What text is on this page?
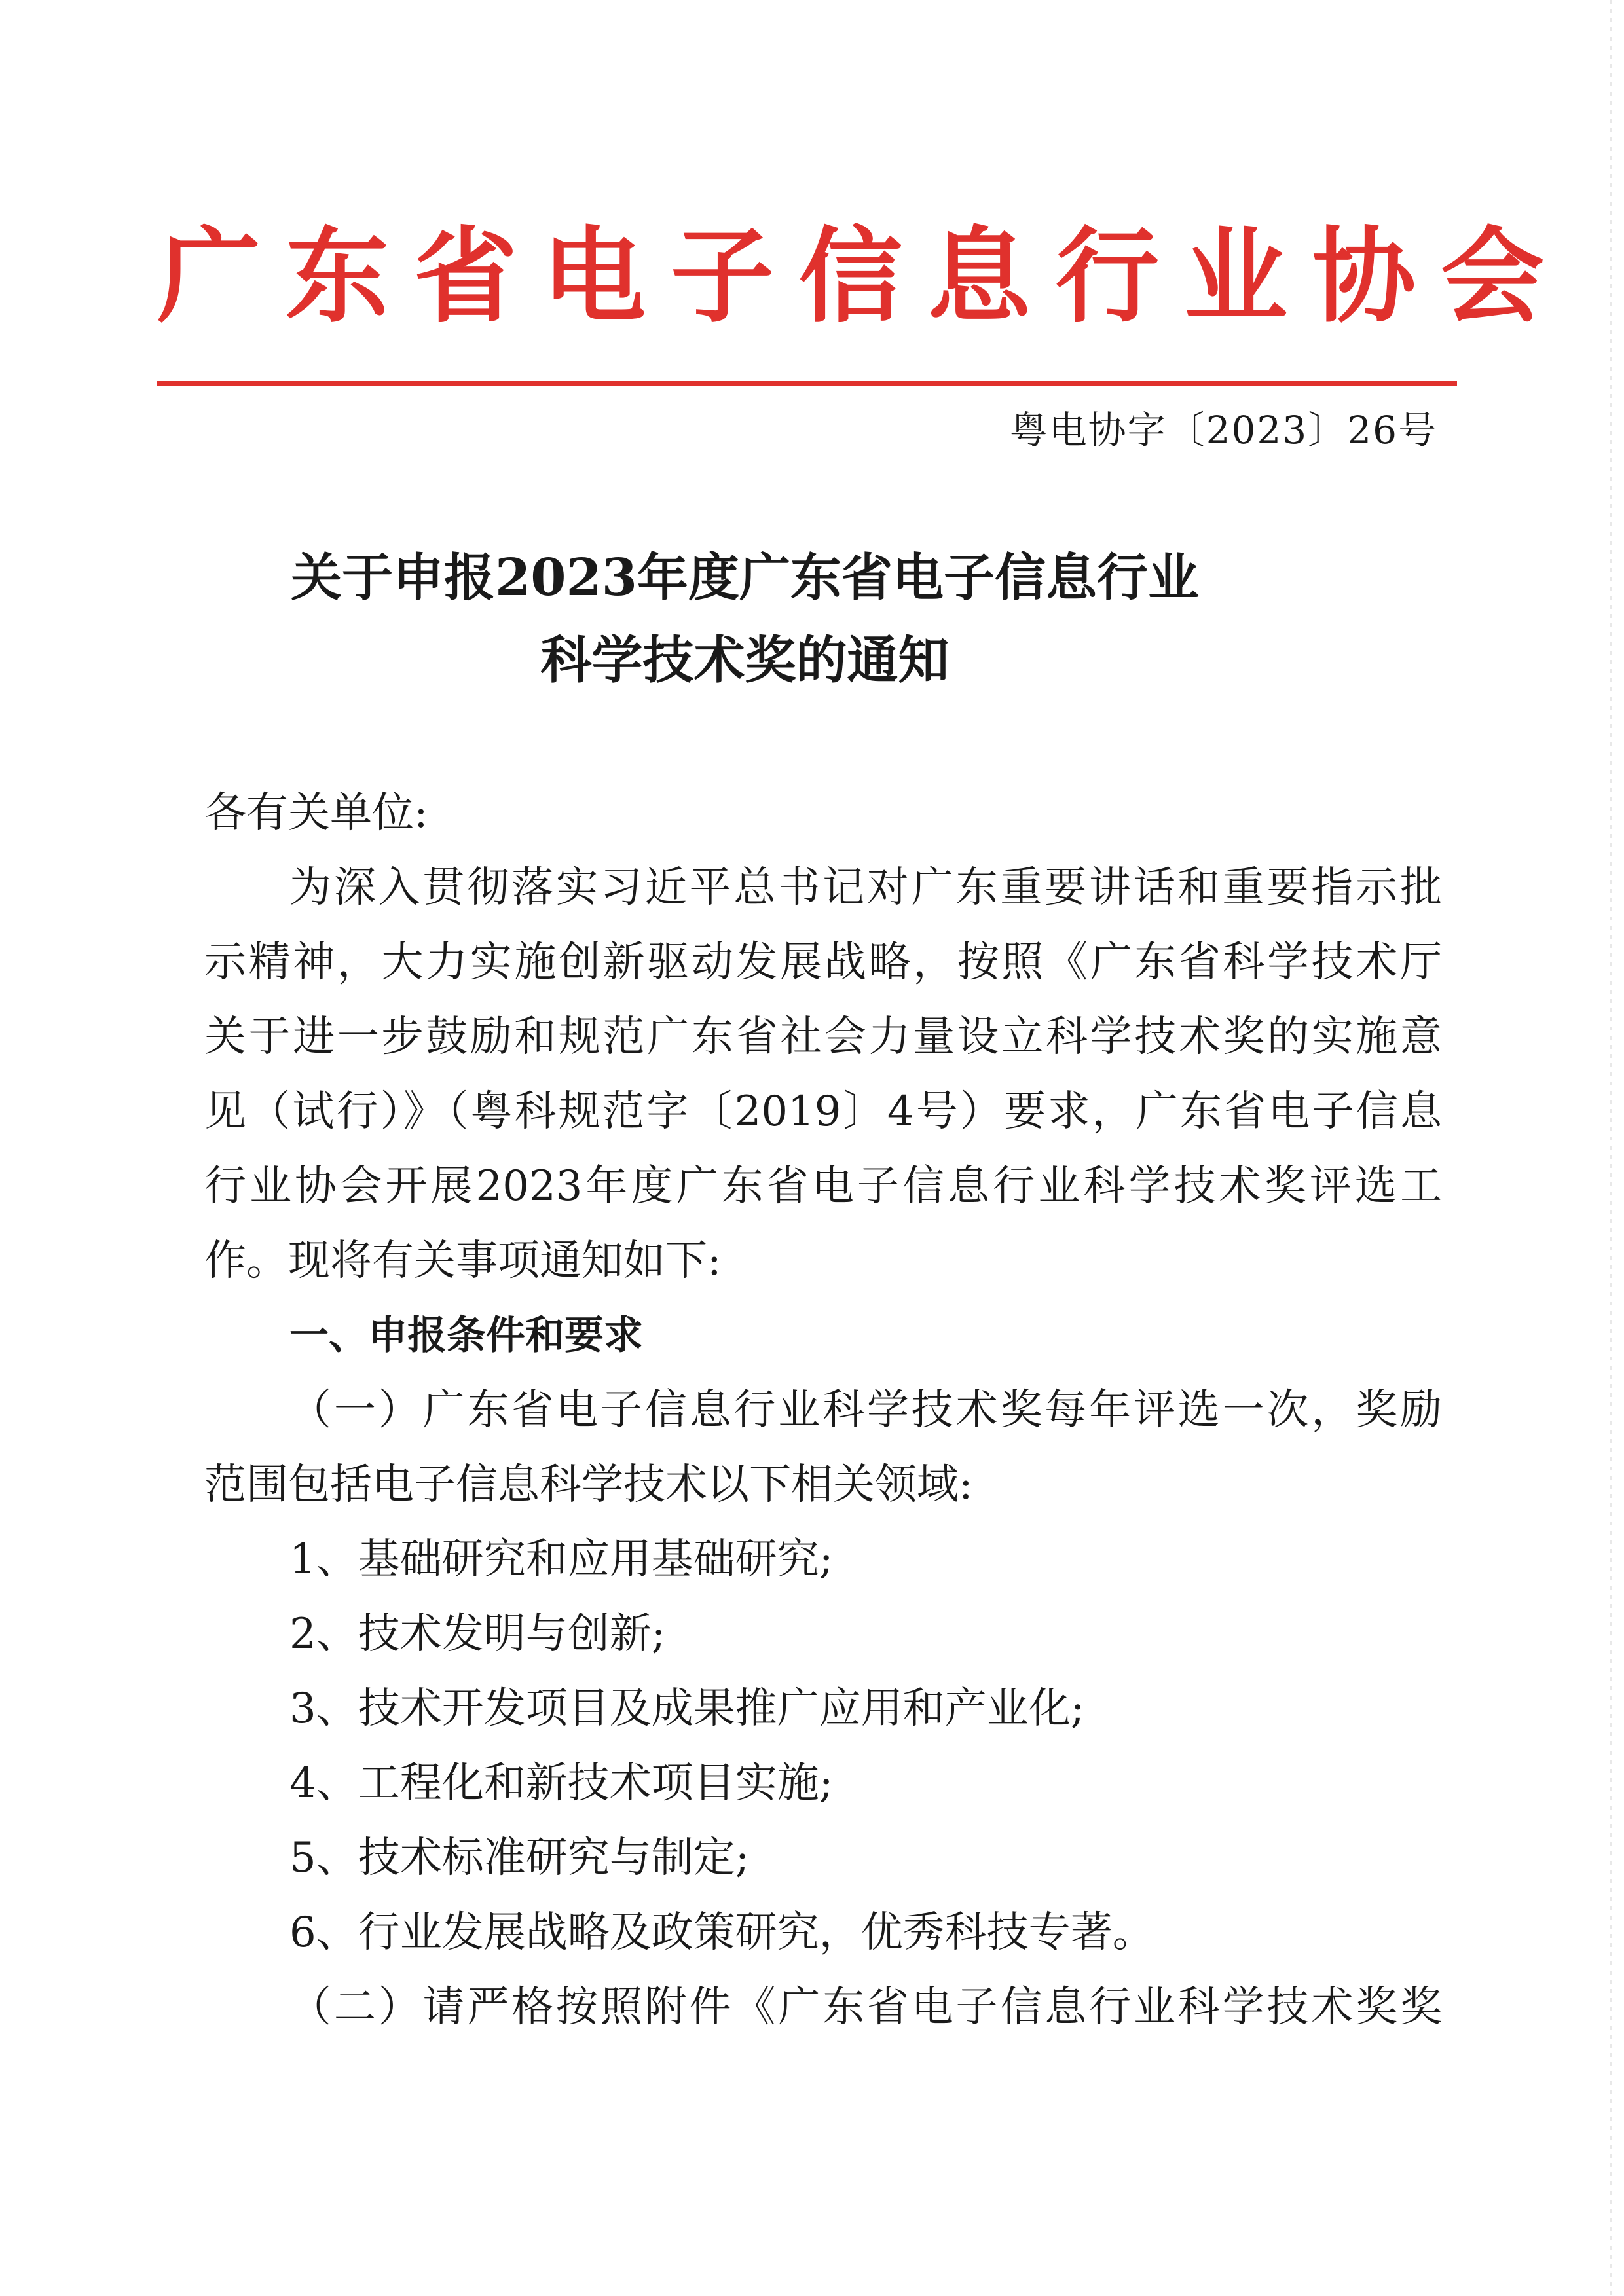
广东省电子信息行业协会
粤电协字〔2023〕26号
关于申报2023年度广东省电子信息行业
科学技术奖的通知
各有关单位:
为深入贯彻落实习近平总书记对广东重要讲话和重要指示批
示精神，大力实施创新驱动发展战略，按照《广东省科学技术厅
关于进一步鼓励和规范广东省社会力量设立科学技术奖的实施意
见（试行）》（粤科规范字〔2019〕4号）要求，广东省电子信息
行业协会开展2023年度广东省电子信息行业科学技术奖评选工
作。现将有关事项通知如下:
一、申报条件和要求
（一）广东省电子信息行业科学技术奖每年评选一次，奖励
范围包括电子信息科学技术以下相关领域:
1、基础研究和应用基础研究;
2、技术发明与创新;
3、技术开发项目及成果推广应用和产业化;
4、工程化和新技术项目实施;
5、技术标准研究与制定;
6、行业发展战略及政策研究，优秀科技专著。
（二）请严格按照附件《广东省电子信息行业科学技术奖奖
